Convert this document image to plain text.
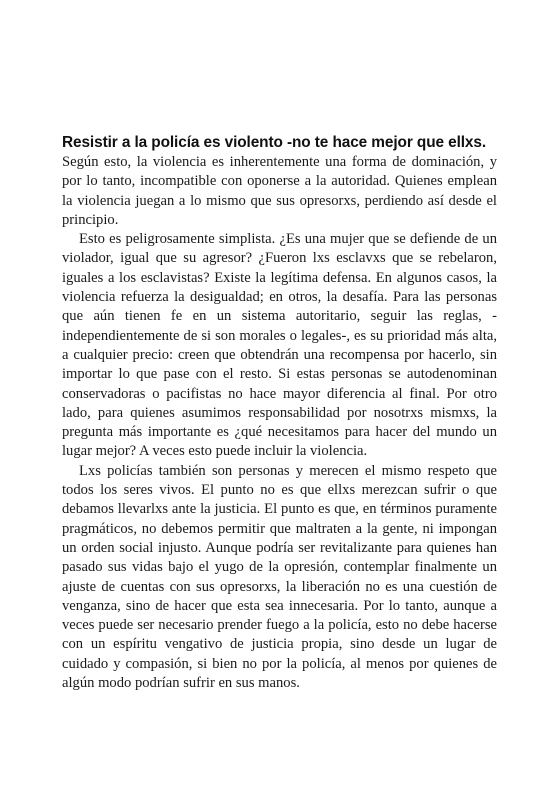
Resistir a la policía es violento -no te hace mejor que ellxs.

Según esto, la violencia es inherentemente una forma de dominación, y por lo tanto, incompatible con oponerse a la autoridad. Quienes emplean la violencia juegan a lo mismo que sus opresorxs, perdiendo así desde el principio.

Esto es peligrosamente simplista. ¿Es una mujer que se defiende de un violador, igual que su agresor? ¿Fueron lxs esclavxs que se rebelaron, iguales a los esclavistas? Existe la legítima defensa. En algunos casos, la violencia refuerza la desigualdad; en otros, la desafía. Para las personas que aún tienen fe en un sistema autoritario, seguir las reglas, -independientemente de si son morales o legales-, es su prioridad más alta, a cualquier precio: creen que obtendrán una recompensa por hacerlo, sin importar lo que pase con el resto. Si estas personas se autodenominan conservadoras o pacifistas no hace mayor diferencia al final. Por otro lado, para quienes asumimos responsabilidad por nosotrxs mismxs, la pregunta más importante es ¿qué necesitamos para hacer del mundo un lugar mejor? A veces esto puede incluir la violencia.

Lxs policías también son personas y merecen el mismo respeto que todos los seres vivos. El punto no es que ellxs merezcan sufrir o que debamos llevarlxs ante la justicia. El punto es que, en términos puramente pragmáticos, no debemos permitir que maltraten a la gente, ni impongan un orden social injusto. Aunque podría ser revitalizante para quienes han pasado sus vidas bajo el yugo de la opresión, contemplar finalmente un ajuste de cuentas con sus opresorxs, la liberación no es una cuestión de venganza, sino de hacer que esta sea innecesaria. Por lo tanto, aunque a veces puede ser necesario prender fuego a la policía, esto no debe hacerse con un espíritu vengativo de justicia propia, sino desde un lugar de cuidado y compasión, si bien no por la policía, al menos por quienes de algún modo podrían sufrir en sus manos.
